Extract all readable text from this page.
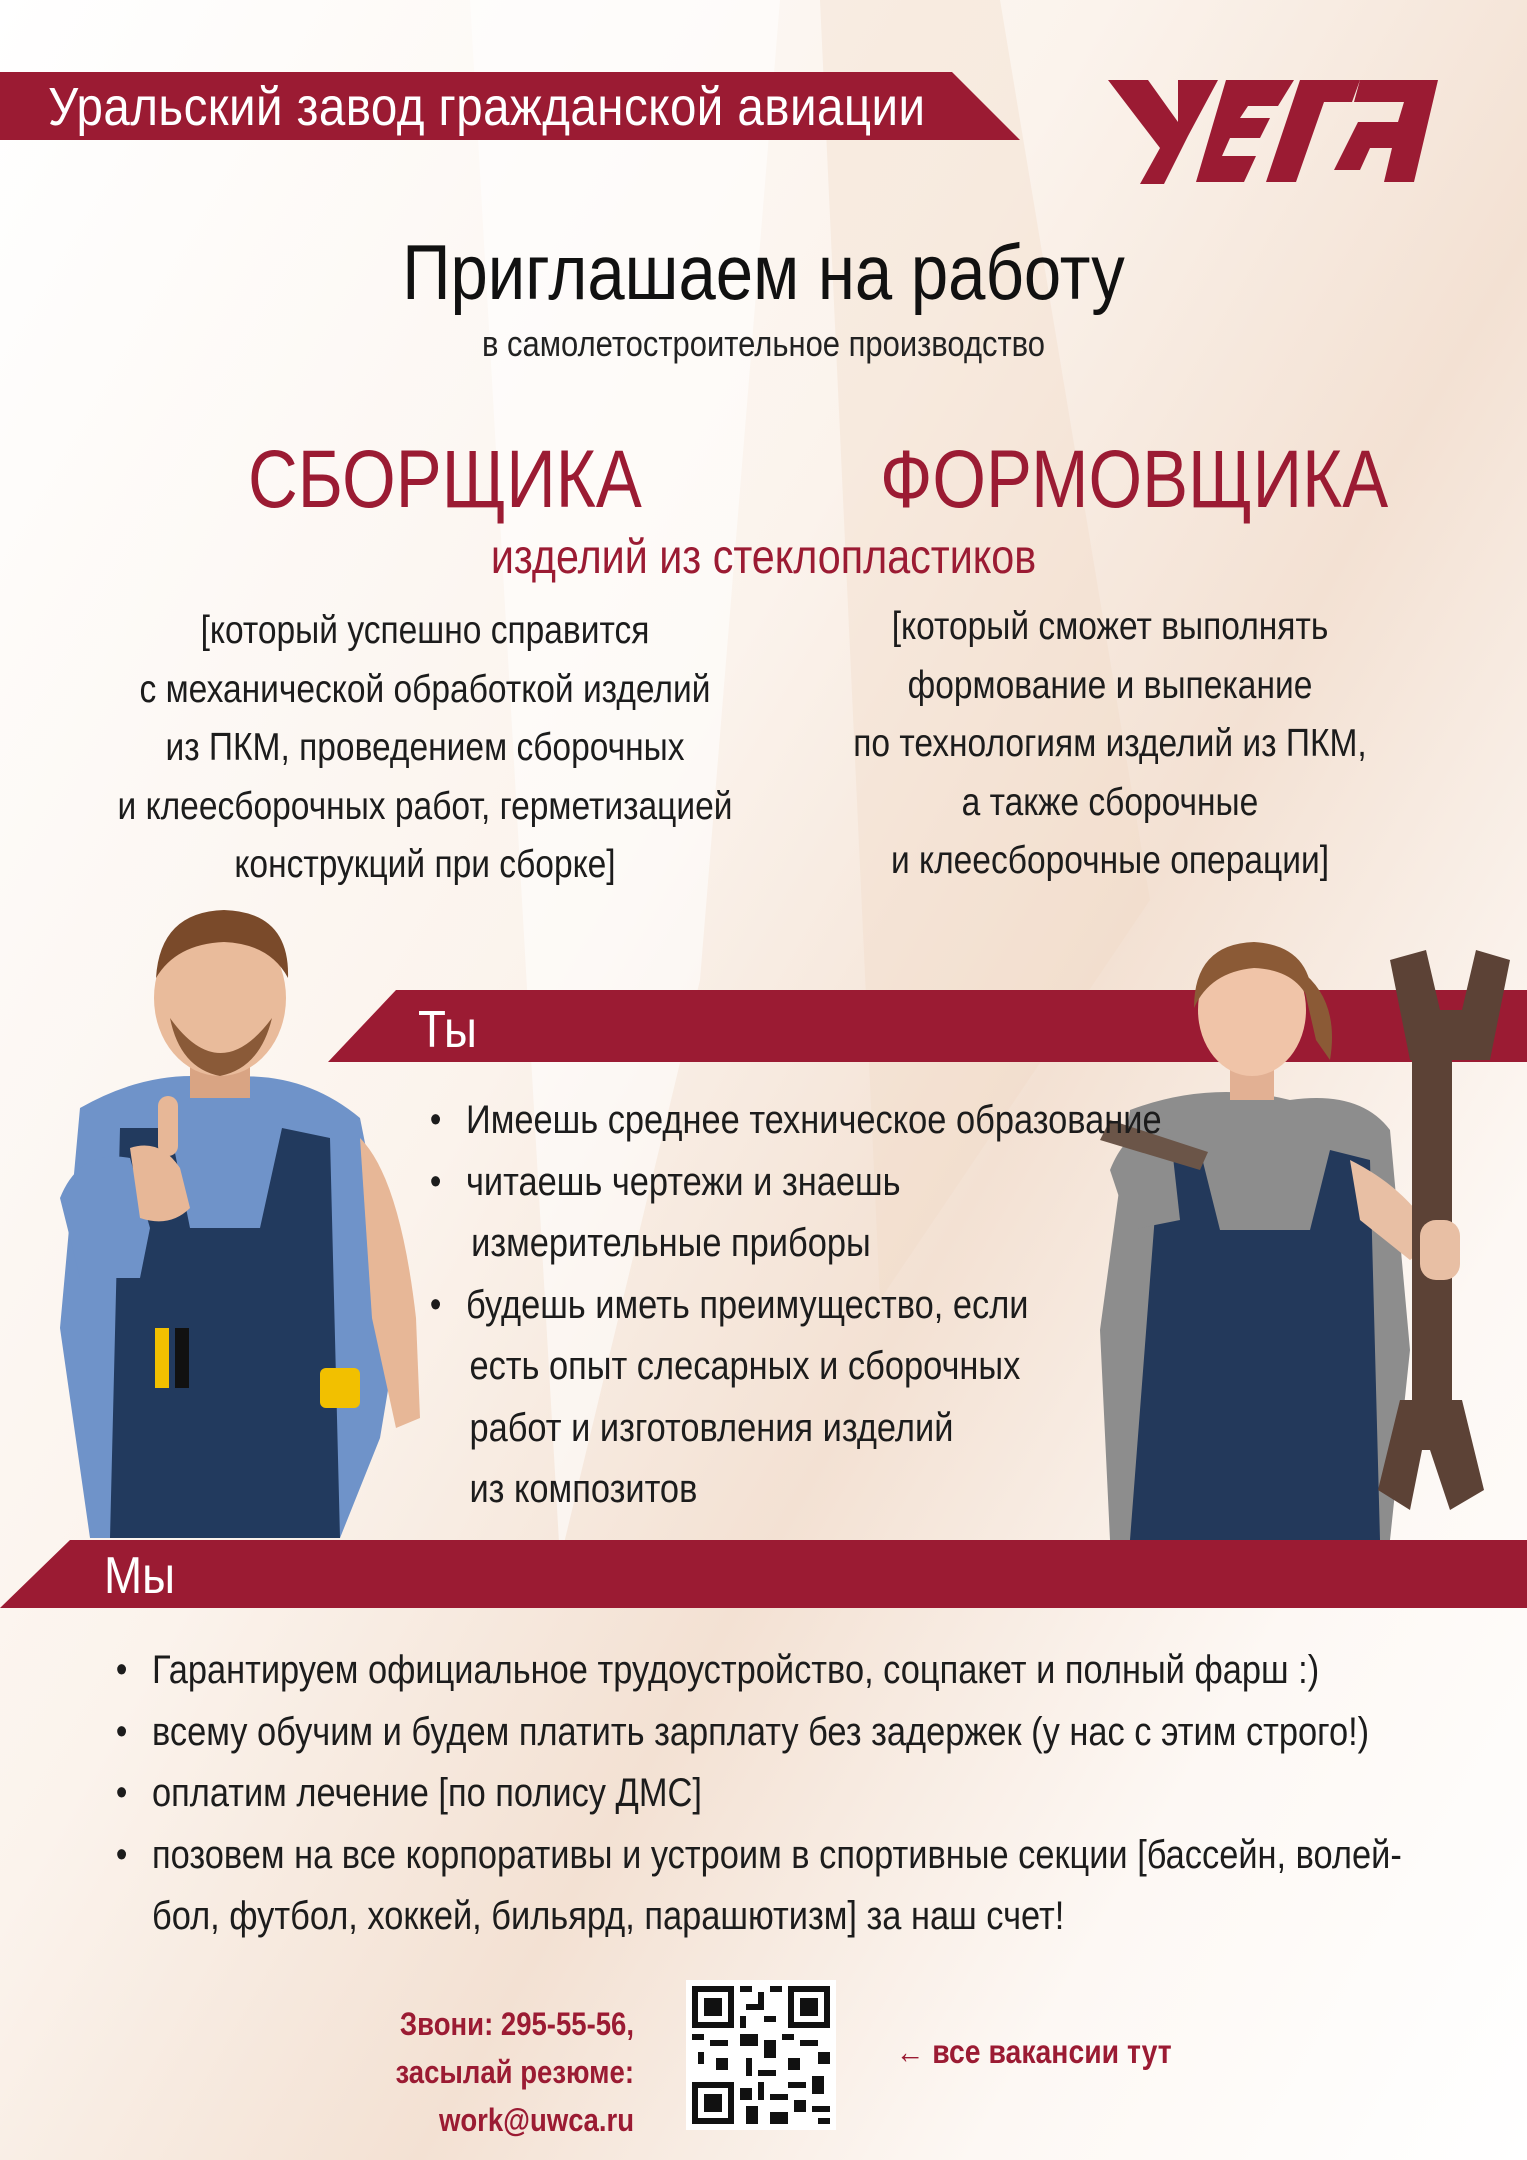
Уральский завод гражданской авиации
Приглашаем на работу
в самолетостроительное производство
СБОРЩИКА	ФОРМОВЩИКА
изделий из стеклопластиков
[который успешно справится
с механической обработкой изделий
из ПКМ, проведением сборочных
и клеесборочных работ, герметизацией
конструкций при сборке]
[который сможет выполнять
формование и выпекание
по технологиям изделий из ПКМ,
а также сборочные
и клеесборочные операции]
Ты
• Имеешь среднее техническое образование
• читаешь чертежи и знаешь
измерительные приборы
• будешь иметь преимущество, если
есть опыт слесарных и сборочных
работ и изготовления изделий
из композитов
Мы
• Гарантируем официальное трудоустройство, соцпакет и полный фарш :)
• всему обучим и будем платить зарплату без задержек (у нас с этим строго!)
• оплатим лечение [по полису ДМС]
• позовем на все корпоративы и устроим в спортивные секции [бассейн, волей-
бол, футбол, хоккей, бильярд, парашютизм] за наш счет!
Звони: 295-55-56,
засылай резюме: work@uwca.ru
← все вакансии тут
